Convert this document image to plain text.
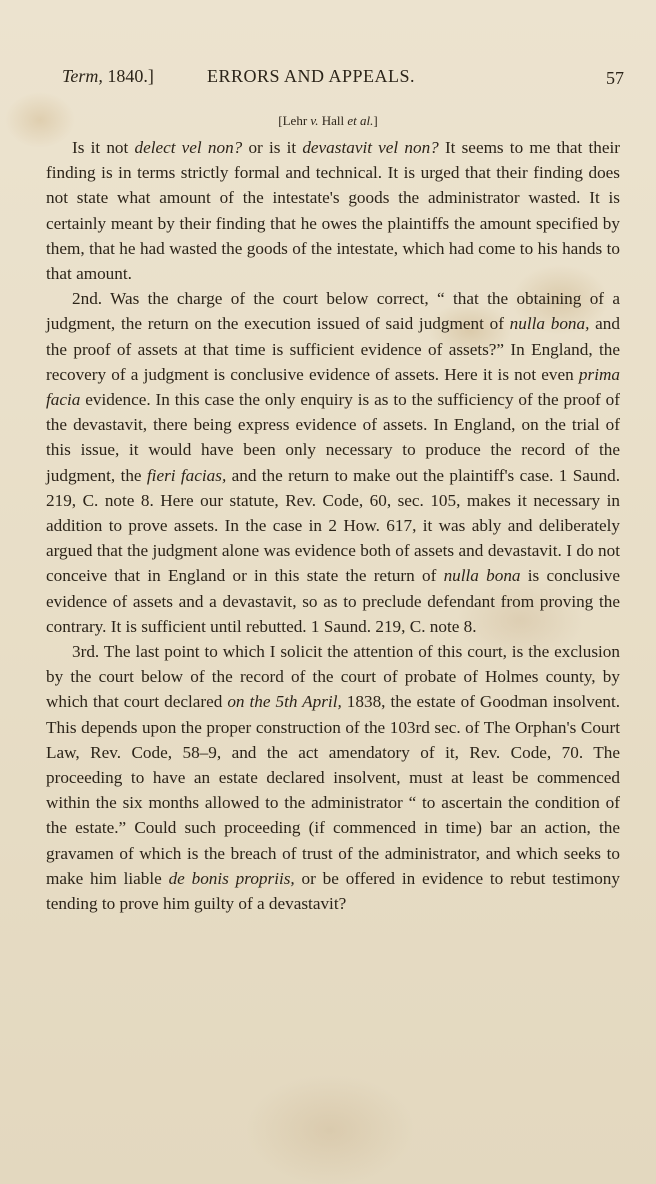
Term, 1840.]	ERRORS AND APPEALS.	57
[Lehr v. Hall et al.]

Is it not delect vel non? or is it devastavit vel non? It seems to me that their finding is in terms strictly formal and technical. It is urged that their finding does not state what amount of the intestate's goods the administrator wasted. It is certainly meant by their finding that he owes the plaintiffs the amount specified by them, that he had wasted the goods of the intestate, which had come to his hands to that amount.

2nd. Was the charge of the court below correct, “ that the obtaining of a judgment, the return on the execution issued of said judgment of nulla bona, and the proof of assets at that time is sufficient evidence of assets?” In England, the recovery of a judgment is conclusive evidence of assets. Here it is not even prima facia evidence. In this case the only enquiry is as to the sufficiency of the proof of the devastavit, there being express evidence of assets. In England, on the trial of this issue, it would have been only necessary to produce the record of the judgment, the fieri facias, and the return to make out the plaintiff's case. 1 Saund. 219, C. note 8. Here our statute, Rev. Code, 60, sec. 105, makes it necessary in addition to prove assets. In the case in 2 How. 617, it was ably and deliberately argued that the judgment alone was evidence both of assets and devastavit. I do not conceive that in England or in this state the return of nulla bona is conclusive evidence of assets and a devastavit, so as to preclude defendant from proving the contrary. It is sufficient until rebutted. 1 Saund. 219, C. note 8.

3rd. The last point to which I solicit the attention of this court, is the exclusion by the court below of the record of the court of probate of Holmes county, by which that court declared on the 5th April, 1838, the estate of Goodman insolvent. This depends upon the proper construction of the 103rd sec. of The Orphan's Court Law, Rev. Code, 58–9, and the act amendatory of it, Rev. Code, 70. The proceeding to have an estate declared insolvent, must at least be commenced within the six months allowed to the administrator “ to ascertain the condition of the estate.” Could such proceeding (if commenced in time) bar an action, the gravamen of which is the breach of trust of the administrator, and which seeks to make him liable de bonis propriis, or be offered in evidence to rebut testimony tending to prove him guilty of a devastavit?
